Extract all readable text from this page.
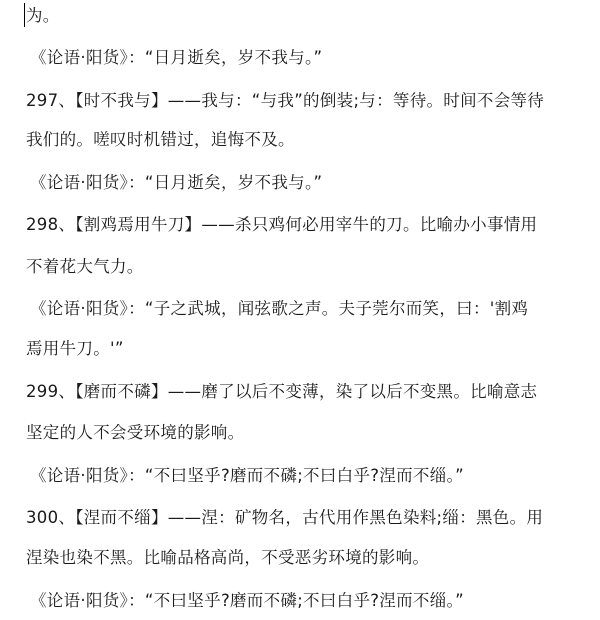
为。
《论语·阳货》：“日月逝矣，岁不我与。”
297、【时不我与】——我与：“与我”的倒装;与：等待。时间不会等待
我们的。嗟叹时机错过，追悔不及。
《论语·阳货》：“日月逝矣，岁不我与。”
298、【割鸡焉用牛刀】——杀只鸡何必用宰牛的刀。比喻办小事情用
不着花大气力。
《论语·阳货》：“子之武城，闻弦歌之声。夫子莞尔而笑，曰：'割鸡
焉用牛刀。'”
299、【磨而不磷】——磨了以后不变薄，染了以后不变黑。比喻意志
坚定的人不会受环境的影响。
《论语·阳货》：“不曰坚乎?磨而不磷;不曰白乎?涅而不缁。”
300、【涅而不缁】——涅：矿物名，古代用作黑色染料;缁：黑色。用
涅染也染不黑。比喻品格高尚，不受恶劣环境的影响。
《论语·阳货》：“不曰坚乎?磨而不磷;不曰白乎?涅而不缁。”
